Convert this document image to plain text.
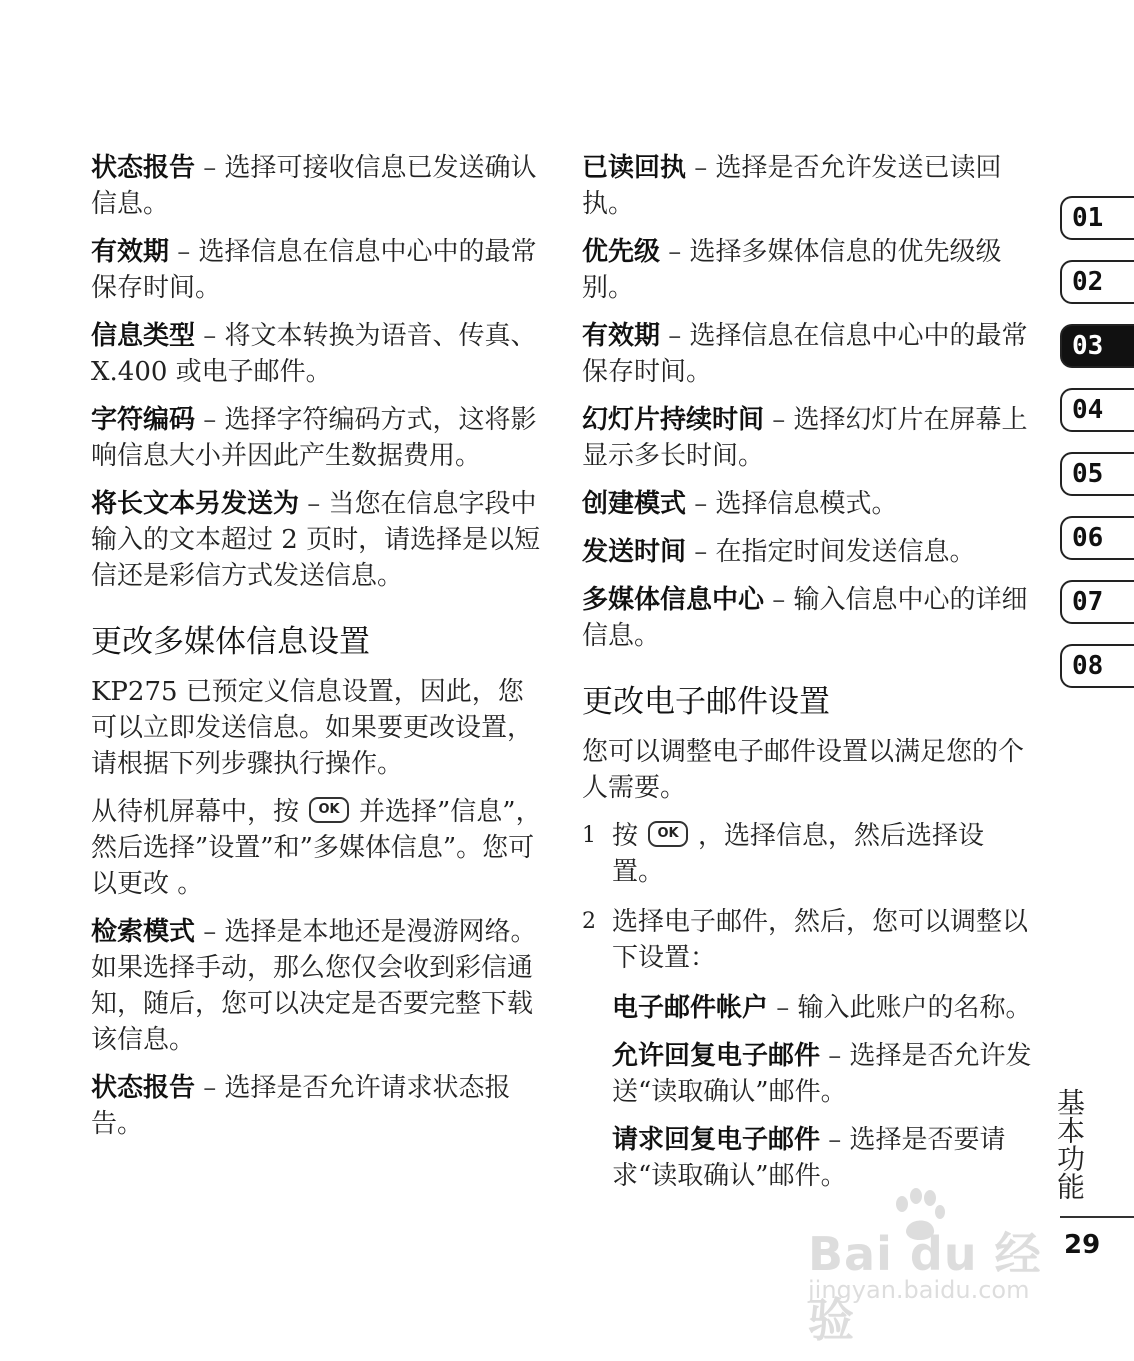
状态报告 – 选择可接收信息已发送确认信息。

有效期 – 选择信息在信息中心中的最常保存时间。

信息类型 – 将文本转换为语音、传真、X.400 或电子邮件。

字符编码 – 选择字符编码方式，这将影响信息大小并因此产生数据费用。

将长文本另发送为 – 当您在信息字段中输入的文本超过 2 页时，请选择是以短信还是彩信方式发送信息。

更改多媒体信息设置

KP275 已预定义信息设置，因此，您可以立即发送信息。如果要更改设置，请根据下列步骤执行操作。

从待机屏幕中，按	OK 并选择”信息”，然后选择”设置”和”多媒体信息”。您可以更改 。

检索模式 – 选择是本地还是漫游网络。如果选择手动，那么您仅会收到彩信通知，随后，您可以决定是否要完整下载该信息。

状态报告 – 选择是否允许请求状态报告。

已读回执 – 选择是否允许发送已读回执。

优先级 – 选择多媒体信息的优先级级别。

有效期 – 选择信息在信息中心中的最常保存时间。

幻灯片持续时间 – 选择幻灯片在屏幕上显示多长时间。

创建模式 – 选择信息模式。

发送时间 – 在指定时间发送信息。

多媒体信息中心 – 输入信息中心的详细信息。

更改电子邮件设置

您可以调整电子邮件设置以满足您的个人需要。

1 按	OK ，选择信息，然后选择设置。
2 选择电子邮件，然后，您可以调整以下设置：

电子邮件帐户 – 输入此账户的名称。

允许回复电子邮件 – 选择是否允许发送“读取确认”邮件。

请求回复电子邮件 – 选择是否要请求“读取确认”邮件。

01
02
03
04
05
06
07
08
基本功能
29
Bai du 经验
jingyan.baidu.com
